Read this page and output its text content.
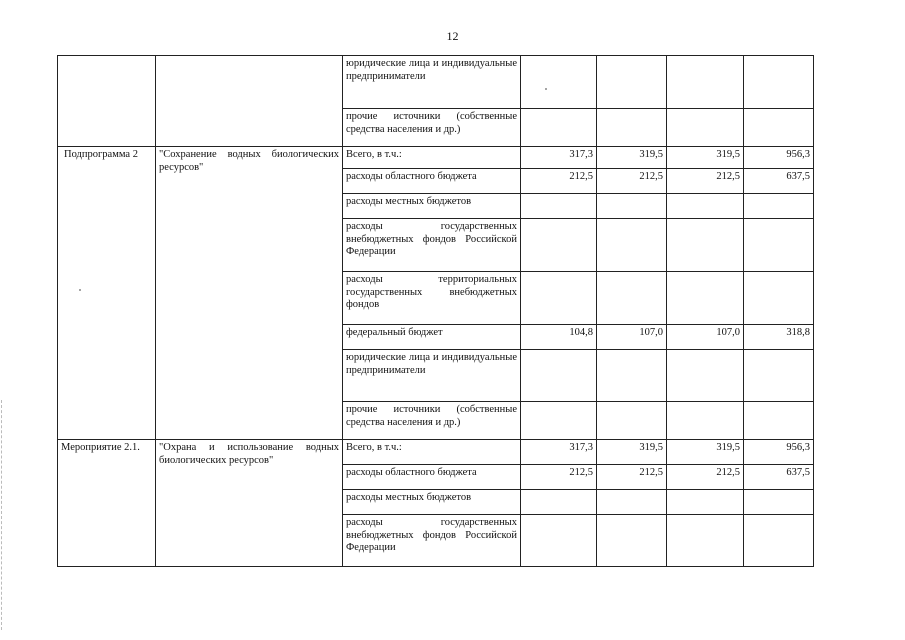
12
		юридические лица и индивидуальные предприниматели				
		прочие источники (собственные средства населения и др.)				
Подпрограмма 2	"Сохранение водных биологических ресурсов"	Всего, в т.ч.:	317,3	319,5	319,5	956,3
		расходы областного бюджета	212,5	212,5	212,5	637,5
		расходы местных бюджетов				
		расходы государственных внебюджетных фондов Российской Федерации				
		расходы территориальных государственных внебюджетных фондов				
		федеральный бюджет	104,8	107,0	107,0	318,8
		юридические лица и индивидуальные предприниматели				
		прочие источники (собственные средства населения и др.)				
Мероприятие 2.1.	"Охрана и использование водных биологических ресурсов"	Всего, в т.ч.:	317,3	319,5	319,5	956,3
		расходы областного бюджета	212,5	212,5	212,5	637,5
		расходы местных бюджетов				
		расходы государственных внебюджетных фондов Российской Федерации				
